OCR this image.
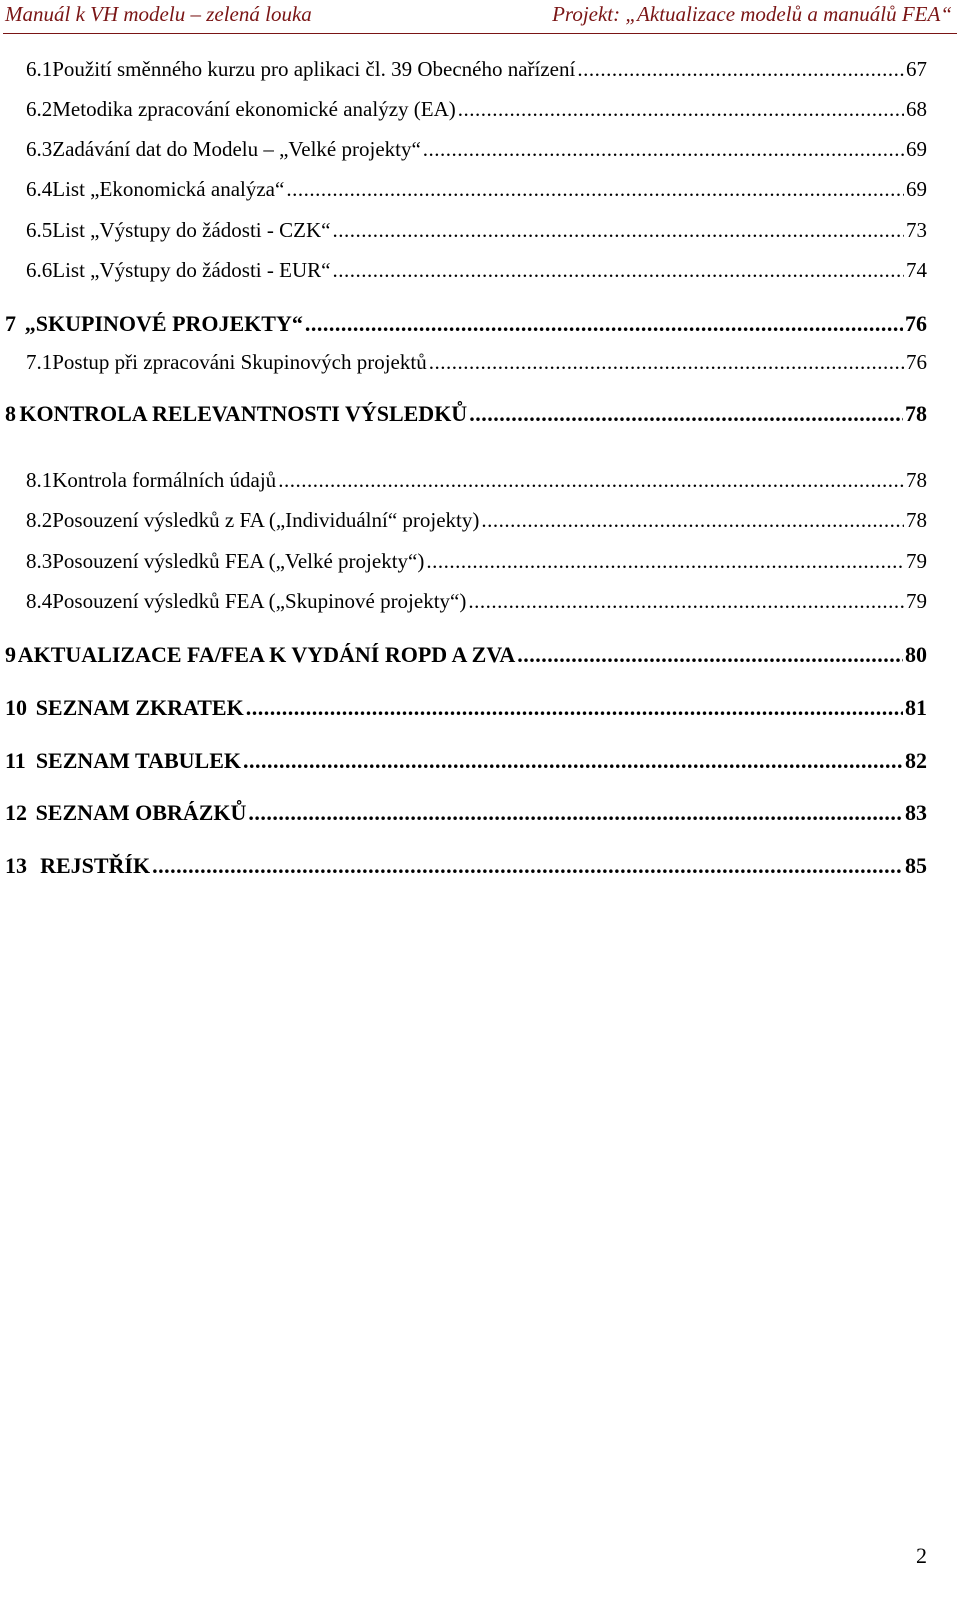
Manuál k VH modelu – zelená louka	Projekt: „Aktualizace modelů a manuálů FEA“
6.1 Použití směnného kurzu pro aplikaci čl. 39 Obecného nařízení .....	67
6.2 Metodika zpracování ekonomické analýzy (EA) .....	68
6.3 Zadávání dat do Modelu – „Velké projekty“ .....	69
6.4 List „Ekonomická analýza“ .....	69
6.5 List „Výstupy do žádosti - CZK“ .....	73
6.6 List „Výstupy do žádosti - EUR“ .....	74
7 „SKUPINOVÉ PROJEKTY“ .....	76
7.1 Postup při zpracováni Skupinových projektů .....	76
8 KONTROLA RELEVANTNOSTI VÝSLEDKŮ .....	78
8.1 Kontrola formálních údajů .....	78
8.2 Posouzení výsledků z FA („Individuální“ projekty) .....	78
8.3 Posouzení výsledků FEA („Velké projekty“) .....	79
8.4 Posouzení výsledků FEA („Skupinové projekty“) .....	79
9 AKTUALIZACE FA/FEA K VYDÁNÍ ROPD A ZVA .....	80
10 SEZNAM ZKRATEK .....	81
11 SEZNAM TABULEK .....	82
12 SEZNAM OBRÁZKŮ .....	83
13 REJSTŘÍK .....	85
2
